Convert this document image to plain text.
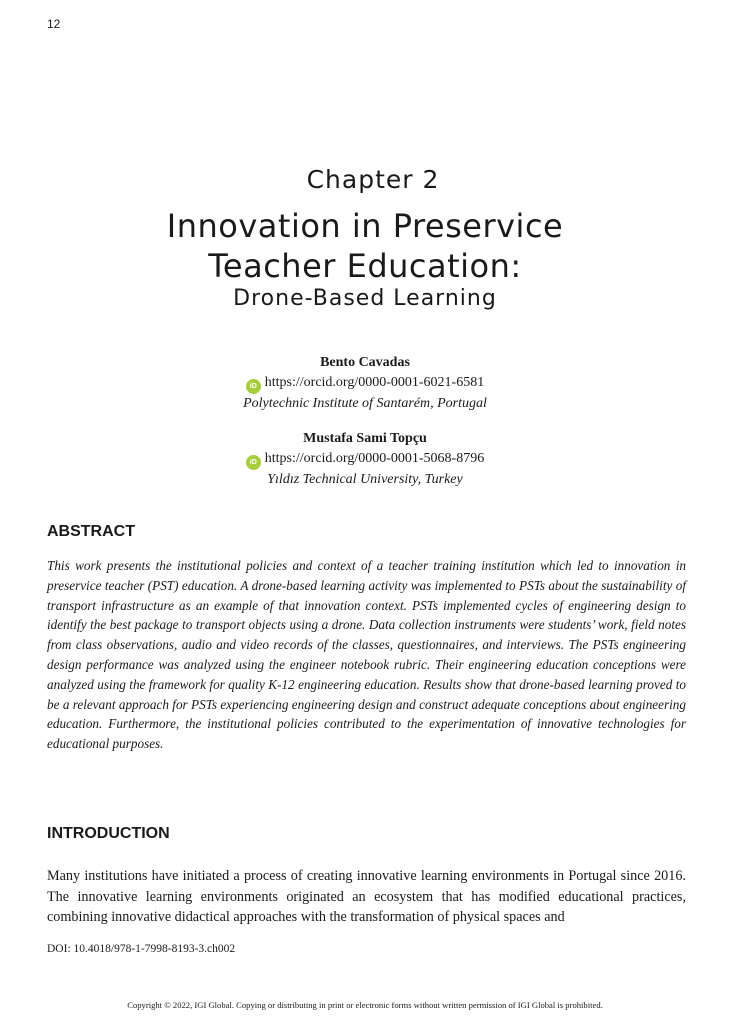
12
Chapter 2
Innovation in Preservice
Teacher Education:
Drone-Based Learning
Bento Cavadas
iD https://orcid.org/0000-0001-6021-6581
Polytechnic Institute of Santarém, Portugal
Mustafa Sami Topçu
iD https://orcid.org/0000-0001-5068-8796
Yıldız Technical University, Turkey
ABSTRACT
This work presents the institutional policies and context of a teacher training institution which led to innovation in preservice teacher (PST) education. A drone-based learning activity was implemented to PSTs about the sustainability of transport infrastructure as an example of that innovation context. PSTs implemented cycles of engineering design to identify the best package to transport objects using a drone. Data collection instruments were students’ work, field notes from class observations, audio and video records of the classes, questionnaires, and interviews. The PSTs engineering design performance was analyzed using the engineer notebook rubric. Their engineering education conceptions were analyzed using the framework for quality K-12 engineering education. Results show that drone-based learning proved to be a relevant approach for PSTs experiencing engineering design and construct adequate conceptions about engineering education. Furthermore, the institutional policies contributed to the experimentation of innovative technologies for educational purposes.
INTRODUCTION
Many institutions have initiated a process of creating innovative learning environments in Portugal since 2016. The innovative learning environments originated an ecosystem that has modified educational practices, combining innovative didactical approaches with the transformation of physical spaces and
DOI: 10.4018/978-1-7998-8193-3.ch002
Copyright © 2022, IGI Global. Copying or distributing in print or electronic forms without written permission of IGI Global is prohibited.
